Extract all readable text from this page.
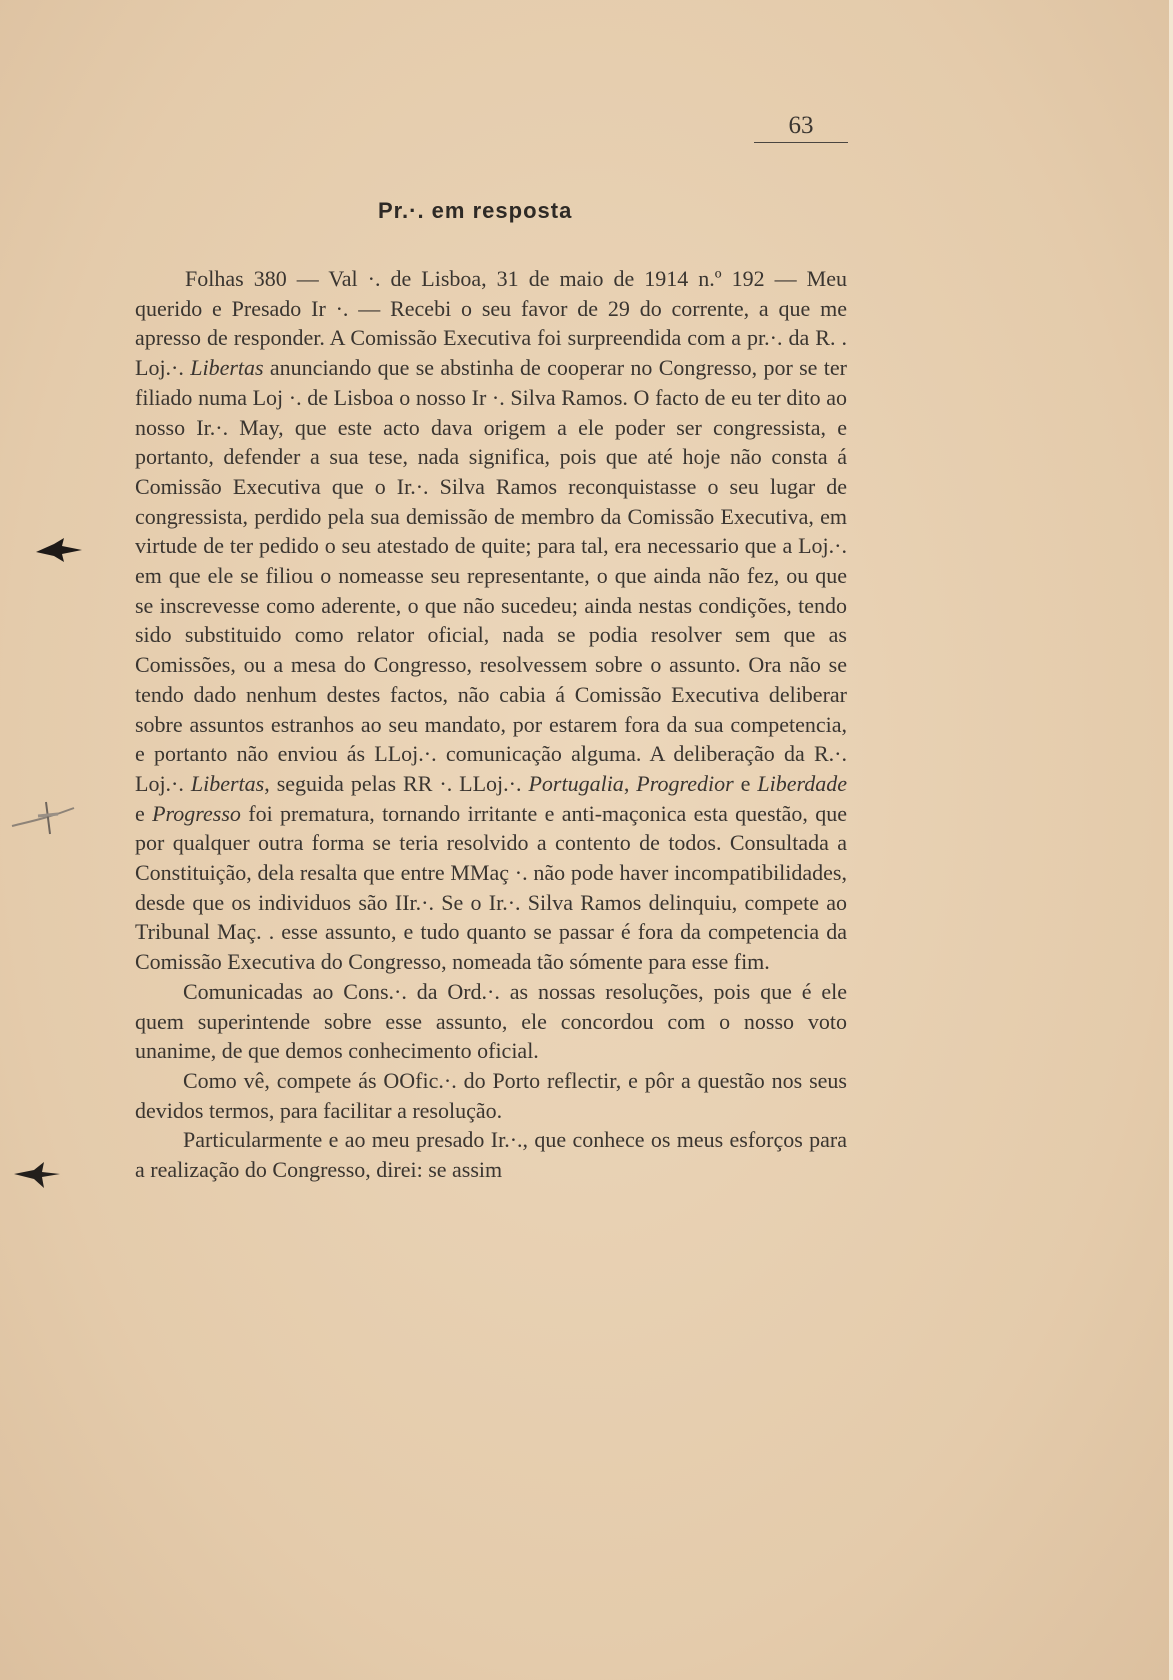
63
Pr.·. em resposta

Folhas 380 — Val ·. de Lisboa, 31 de maio de 1914 n.º 192 — Meu querido e Presado Ir ·. — Recebi o seu favor de 29 do corrente, a que me apresso de responder. A Comissão Executiva foi surpreendida com a pr.·. da R. . Loj.·. Libertas anunciando que se abstinha de cooperar no Congresso, por se ter filiado numa Loj ·. de Lisboa o nosso Ir ·. Silva Ramos. O facto de eu ter dito ao nosso Ir.·. May, que este acto dava origem a ele poder ser congressista, e portanto, defender a sua tese, nada significa, pois que até hoje não consta á Comissão Executiva que o Ir.·. Silva Ramos reconquistasse o seu lugar de congressista, perdido pela sua demissão de membro da Comissão Executiva, em virtude de ter pedido o seu atestado de quite; para tal, era necessario que a Loj.·. em que ele se filiou o nomeasse seu representante, o que ainda não fez, ou que se inscrevesse como aderente, o que não sucedeu; ainda nestas condições, tendo sido substituido como relator oficial, nada se podia resolver sem que as Comissões, ou a mesa do Congresso, resolvessem sobre o assunto. Ora não se tendo dado nenhum destes factos, não cabia á Comissão Executiva deliberar sobre assuntos estranhos ao seu mandato, por estarem fora da sua competencia, e portanto não enviou ás LLoj.·. comunicação alguma. A deliberação da R.·. Loj.·. Libertas, seguida pelas RR ·. LLoj.·. Portugalia, Progredior e Liberdade e Progresso foi prematura, tornando irritante e anti-maçonica esta questão, que por qualquer outra forma se teria resolvido a contento de todos. Consultada a Constituição, dela resalta que entre MMaç ·. não pode haver incompatibilidades, desde que os individuos são IIr.·. Se o Ir.·. Silva Ramos delinquiu, compete ao Tribunal Maç. . esse assunto, e tudo quanto se passar é fora da competencia da Comissão Executiva do Congresso, nomeada tão sómente para esse fim.

Comunicadas ao Cons.·. da Ord.·. as nossas resoluções, pois que é ele quem superintende sobre esse assunto, ele concordou com o nosso voto unanime, de que demos conhecimento oficial.

Como vê, compete ás OOfic.·. do Porto reflectir, e pôr a questão nos seus devidos termos, para facilitar a resolução.

Particularmente e ao meu presado Ir.·., que conhece os meus esforços para a realização do Congresso, direi: se assim
